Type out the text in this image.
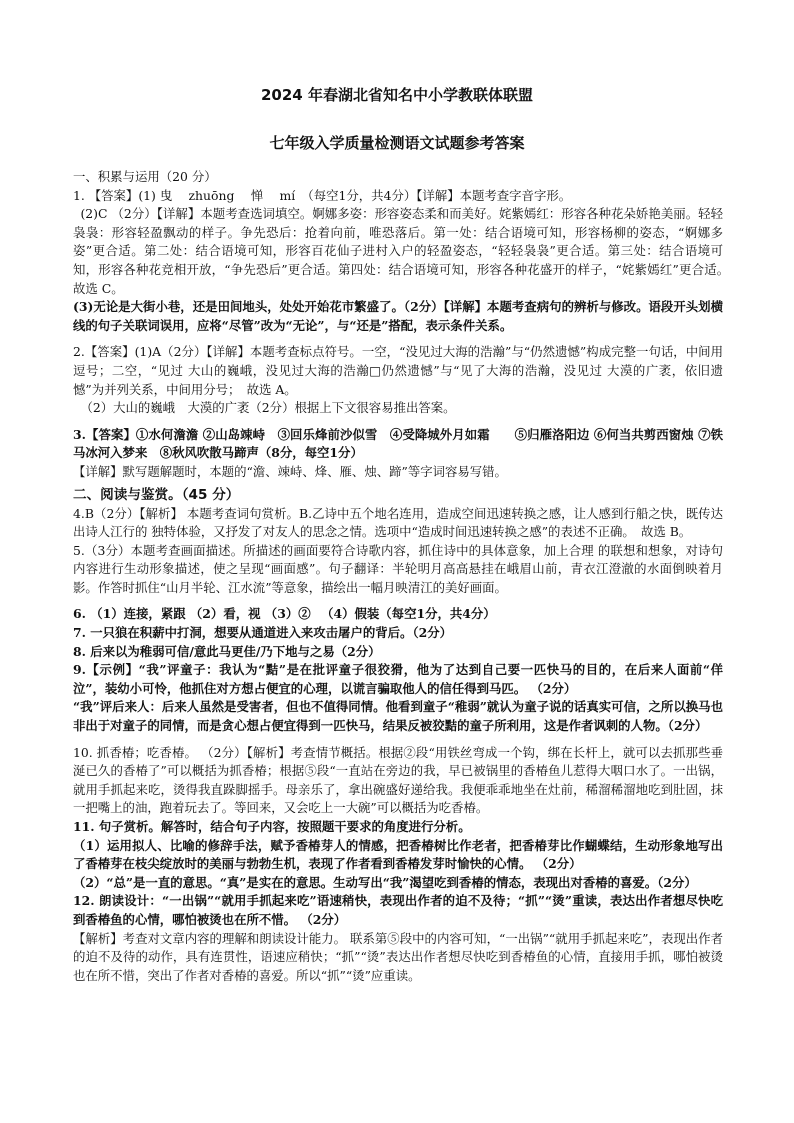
2024 年春湖北省知名中小学教联体联盟
七年级入学质量检测语文试题参考答案

一、积累与运用（20 分）

1. 【答案】(1) 曳　 zhuōng　 惮　 mí　（每空1分，共4分）【详解】本题考查字音字形。

(2)C （2分）【详解】本题考查选词填空。婀娜多姿：形容姿态柔和而美好。姹紫嫣红：形容各种花朵娇艳美丽。轻轻袅袅：形容轻盈飘动的样子。争先恐后：抢着向前，唯恐落后。第一处：结合语境可知，形容杨柳的姿态，“婀娜多姿”更合适。第二处：结合语境可知，形容百花仙子进村入户的轻盈姿态，“轻轻袅袅”更合适。第三处：结合语境可知，形容各种花竞相开放，“争先恐后”更合适。第四处：结合语境可知，形容各种花盛开的样子，“姹紫嫣红”更合适。　故选 C。

(3)无论是大街小巷，还是田间地头，处处开始花市繁盛了。（2分）【详解】本题考查病句的辨析与修改。语段开头划横线的句子关联词误用，应将“尽管”改为“无论”，与“还是”搭配，表示条件关系。

2.【答案】(1)A（2分）【详解】本题考查标点符号。一空，“没见过大海的浩瀚”与“仍然遗憾”构成完整一句话，中间用逗号；二空，“见过 大山的巍峨，没见过大海的浩瀚□仍然遗憾”与“见了大海的浩瀚，没见过 大漠的广袤，依旧遗憾”为并列关系，中间用分号；　故选 A。

（2）大山的巍峨　大漠的广袤（2分）根据上下文很容易推出答案。

3.【答案】①水何澹澹 ②山岛竦峙　③回乐烽前沙似雪　④受降城外月如霜　　⑤归雁洛阳边 ⑥何当共剪西窗烛 ⑦铁马冰河入梦来　⑧秋风吹散马蹄声（8分，每空1分）

【详解】默写题解题时，本题的“澹、竦峙、烽、雁、烛、蹄”等字词容易写错。

二、阅读与鉴赏。（45 分）

4.B（2分）【解析】 本题考查词句赏析。B.乙诗中五个地名连用，造成空间迅速转换之感，让人感到行船之快，既传达出诗人江行的 独特体验，又抒发了对友人的思念之情。选项中“造成时间迅速转换之感”的表述不正确。　故选 B。

5.（3分）本题考查画面描述。所描述的画面要符合诗歌内容，抓住诗中的具体意象，加上合理 的联想和想象，对诗句内容进行生动形象描述，使之呈现“画面感”。句子翻译：半轮明月高高悬挂在峨眉山前，青衣江澄澈的水面倒映着月影。作答时抓住“山月半轮、江水流”等意象，描绘出一幅月映清江的美好画面。

6. （1）连接，紧跟 （2）看，视 （3）② 　（4）假装（每空1分，共4分）

7. 一只狼在积薪中打洞，想要从通道进入来攻击屠户的背后。（2分）

8. 后来以为稚弱可信/意此马更佳/乃下地与之易（2分）

9.【示例】“我”评童子：我认为“黠”是在批评童子很狡猾，他为了达到自己要一匹快马的目的，在后来人面前“佯泣”，装幼小可怜，他抓住对方想占便宜的心理，以谎言骗取他人的信任得到马匹。 （2分）

“我”评后来人：后来人虽然是受害者，但也不值得同情。他看到童子“稚弱”就认为童子说的话真实可信，之所以换马也非出于对童子的同情，而是贪心想占便宜得到一匹快马，结果反被狡黠的童子所利用，这是作者讽刺的人物。（2分）

10. 抓香椿；吃香椿。 （2分）【解析】考查情节概括。根据②段“用铁丝弯成一个钩，绑在长杆上，就可以去抓那些垂涎已久的香椿了”可以概括为抓香椿；根据⑤段“一直站在旁边的我，早已被锅里的香椿鱼儿惹得大咽口水了。一出锅，就用手抓起来吃，烫得我直跺脚摇手。母亲乐了，拿出碗盛好递给我。我便乖乖地坐在灶前，稀溜稀溜地吃到肚固，抹一把嘴上的油，跑着玩去了。等回来，又会吃上一大碗”可以概括为吃香椿。

11. 句子赏析。解答时，结合句子内容，按照题干要求的角度进行分析。

（1）运用拟人、比喻的修辞手法，赋予香椿芽人的情感，把香椿树比作老者，把香椿芽比作蝴蝶结，生动形象地写出了香椿芽在枝尖绽放时的美丽与勃勃生机，表现了作者看到香椿发芽时愉快的心情。 （2分）

（2）“总”是一直的意思。“真”是实在的意思。生动写出“我”渴望吃到香椿的情态，表现出对香椿的喜爱。（2分）

12. 朗读设计：“一出锅”“就用手抓起来吃”语速稍快，表现出作者的迫不及待；“抓”“烫”重读，表达出作者想尽快吃到香椿鱼的心情，哪怕被烫也在所不惜。 （2分）

【解析】考查对文章内容的理解和朗读设计能力。 联系第⑤段中的内容可知，“一出锅”“就用手抓起来吃”，表现出作者的迫不及待的动作，具有连贯性，语速应稍快；“抓”“烫”表达出作者想尽快吃到香椿鱼的心情，直接用手抓，哪怕被烫也在所不惜，突出了作者对香椿的喜爱。所以“抓”“烫”应重读。
